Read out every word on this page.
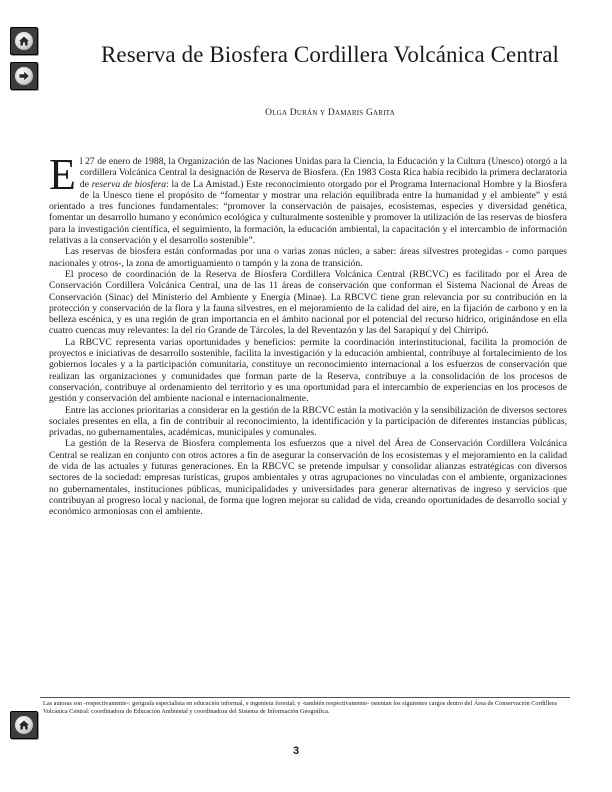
Reserva de Biosfera Cordillera Volcánica Central
Olga Durán y Damaris Garita

El 27 de enero de 1988, la Organización de las Naciones Unidas para la Ciencia, la Educación y la Cultura (Unesco) otorgó a la cordillera Volcánica Central la designación de Reserva de Biosfera. (En 1983 Costa Rica había recibido la primera declaratoria de reserva de biosfera: la de La Amistad.) Este reconocimiento otorgado por el Programa Internacional Hombre y la Biosfera de la Unesco tiene el propósito de “fomentar y mostrar una relación equilibrada entre la humanidad y el ambiente” y está orientado a tres funciones fundamentales: “promover la conservación de paisajes, ecosistemas, especies y diversidad genética, fomentar un desarrollo humano y económico ecológica y culturalmente sostenible y promover la utilización de las reservas de biosfera para la investigación científica, el seguimiento, la formación, la educación ambiental, la capacitación y el intercambio de información relativas a la conservación y el desarrollo sostenible”.

Las reservas de biosfera están conformadas por una o varias zonas núcleo, a saber: áreas silvestres protegidas - como parques nacionales y otros-, la zona de amortiguamiento o tampón y la zona de transición.

El proceso de coordinación de la Reserva de Biosfera Cordillera Volcánica Central (RBCVC) es facilitado por el Área de Conservación Cordillera Volcánica Central, una de las 11 áreas de conservación que conforman el Sistema Nacional de Áreas de Conservación (Sinac) del Ministerio del Ambiente y Energía (Minae). La RBCVC tiene gran relevancia por su contribución en la protección y conservación de la flora y la fauna silvestres, en el mejoramiento de la calidad del aire, en la fijación de carbono y en la belleza escénica, y es una región de gran importancia en el ámbito nacional por el potencial del recurso hídrico, originándose en ella cuatro cuencas muy relevantes: la del río Grande de Tárcoles, la del Reventazón y las del Sarapiquí y del Chirripó.

La RBCVC representa varias oportunidades y beneficios: permite la coordinación interinstitucional, facilita la promoción de proyectos e iniciativas de desarrollo sostenible, facilita la investigación y la educación ambiental, contribuye al fortalecimiento de los gobiernos locales y a la participación comunitaria, constituye un reconocimiento internacional a los esfuerzos de conservación que realizan las organizaciones y comunidades que forman parte de la Reserva, contribuye a la consolidación de los procesos de conservación, contribuye al ordenamiento del territorio y es una oportunidad para el intercambio de experiencias en los procesos de gestión y conservación del ambiente nacional e internacionalmente.

Entre las acciones prioritarias a considerar en la gestión de la RBCVC están la motivación y la sensibilización de diversos sectores sociales presentes en ella, a fin de contribuir al reconocimiento, la identificación y la participación de diferentes instancias públicas, privadas, no gubernamentales, académicas, municipales y comunales.

La gestión de la Reserva de Biosfera complementa los esfuerzos que a nivel del Área de Conservación Cordillera Volcánica Central se realizan en conjunto con otros actores a fin de asegurar la conservación de los ecosistemas y el mejoramiento en la calidad de vida de las actuales y futuras generaciones. En la RBCVC se pretende impulsar y consolidar alianzas estratégicas con diversos sectores de la sociedad: empresas turísticas, grupos ambientales y otras agrupaciones no vinculadas con el ambiente, organizaciones no gubernamentales, instituciones públicas, municipalidades y universidades para generar alternativas de ingreso y servicios que contribuyan al progreso local y nacional, de forma que logren mejorar su calidad de vida, creando oportunidades de desarrollo social y económico armoniosas con el ambiente.

Las autoras son -respectivamente-: geógrafa especialista en educación informal, e ingeniera forestal; y -también respectivamente- ostentan los siguientes cargos dentro del Área de Conservación Cordillera Volcánica Central: coordinadora de Educación Ambiental y coordinadora del Sistema de Información Geográfica.
3
